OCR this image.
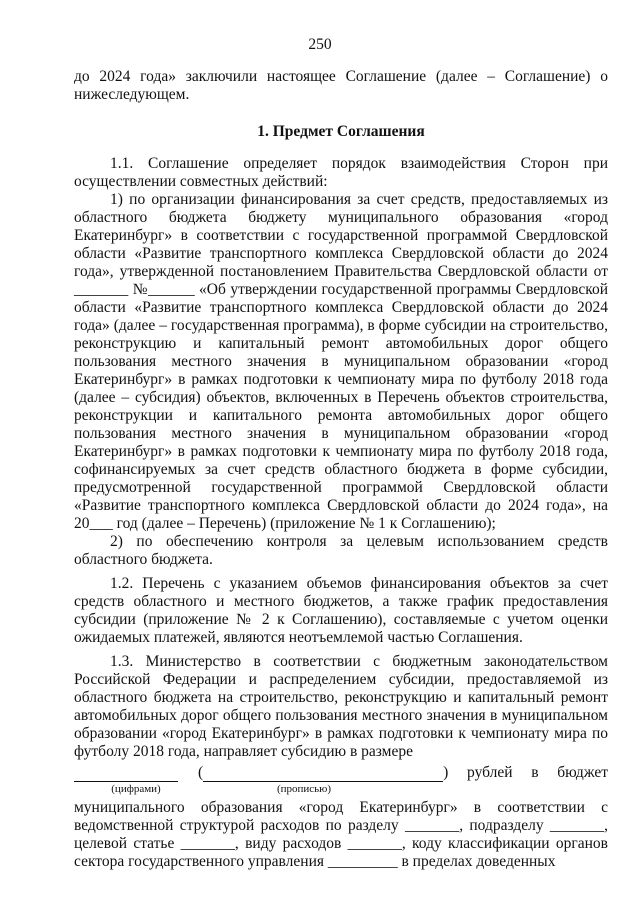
250

до 2024 года» заключили настоящее Соглашение (далее – Соглашение) о нижеследующем.

1. Предмет Соглашения

1.1. Соглашение определяет порядок взаимодействия Сторон при осуществлении совместных действий:

1) по организации финансирования за счет средств, предоставляемых из областного бюджета бюджету муниципального образования «город Екатеринбург» в соответствии с государственной программой Свердловской области «Развитие транспортного комплекса Свердловской области до 2024 года», утвержденной постановлением Правительства Свердловской области от _______ №______ «Об утверждении государственной программы Свердловской области «Развитие транспортного комплекса Свердловской области до 2024 года» (далее – государственная программа), в форме субсидии на строительство, реконструкцию и капитальный ремонт автомобильных дорог общего пользования местного значения в муниципальном образовании «город Екатеринбург» в рамках подготовки к чемпионату мира по футболу 2018 года (далее – субсидия) объектов, включенных в Перечень объектов строительства, реконструкции и капитального ремонта автомобильных дорог общего пользования местного значения в муниципальном образовании «город Екатеринбург» в рамках подготовки к чемпионату мира по футболу 2018 года, софинансируемых за счет средств областного бюджета в форме субсидии, предусмотренной государственной программой Свердловской области «Развитие транспортного комплекса Свердловской области до 2024 года», на 20___ год (далее – Перечень) (приложение № 1 к Соглашению);

2) по обеспечению контроля за целевым использованием средств областного бюджета.

1.2. Перечень с указанием объемов финансирования объектов за счет средств областного и местного бюджетов, а также график предоставления субсидии (приложение № 2 к Соглашению), составляемые с учетом оценки ожидаемых платежей, являются неотъемлемой частью Соглашения.

1.3. Министерство в соответствии с бюджетным законодательством Российской Федерации и распределением субсидии, предоставляемой из областного бюджета на строительство, реконструкцию и капитальный ремонт автомобильных дорог общего пользования местного значения в муниципальном образовании «город Екатеринбург» в рамках подготовки к чемпионату мира по футболу 2018 года, направляет субсидию в размере

(	) рублей в бюджет
(цифрами)	(прописью)

муниципального образования «город Екатеринбург» в соответствии с ведомственной структурой расходов по разделу _______, подразделу _______, целевой статье _______, виду расходов _______, коду классификации органов сектора государственного управления _________ в пределах доведенных
